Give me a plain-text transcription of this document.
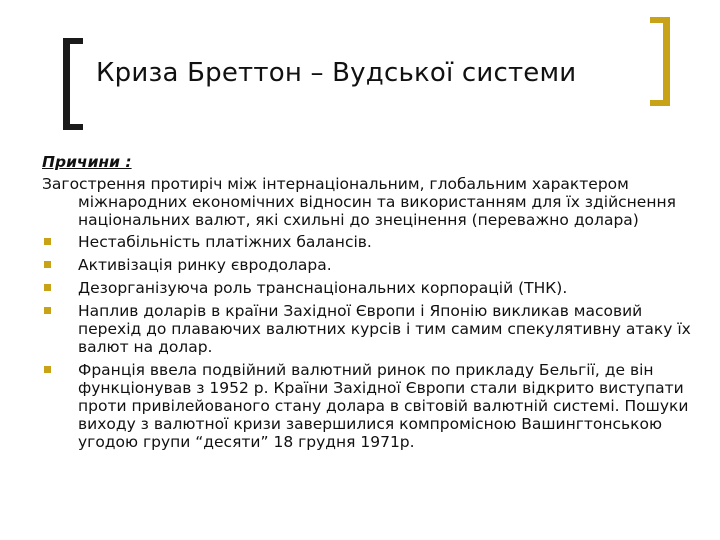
Криза Бреттон – Вудської системи
Причини :
Загострення протиріч між інтернаціональним, глобальним характером міжнародних економічних відносин та використанням для їх здійснення національних валют, які схильні до знецінення (переважно долара)
Нестабільність платіжних балансів.
Активізація ринку євродолара.
Дезорганізуюча роль транснаціональних корпорацій (ТНК).
Наплив доларів в країни Західної Європи і Японію викликав масовий перехід до плаваючих валютних курсів і тим самим спекулятивну атаку їх валют на долар.
Франція ввела подвійний валютний ринок по прикладу Бельгії, де він функціонував з 1952 р. Країни Західної Європи стали відкрито виступати проти привілейованого стану долара в світовій валютній системі. Пошуки виходу з валютної кризи завершилися компромісною Вашингтонською угодою групи “десяти” 18 грудня 1971р.
